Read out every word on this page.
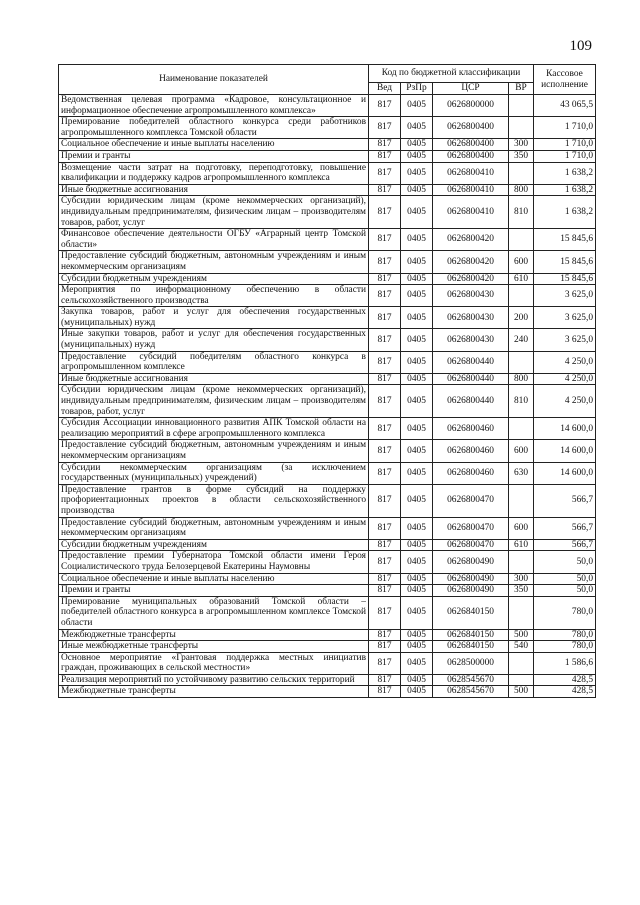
109
Наименование показателей	Код по бюджетной классификации				Кассовое исполнение
	Вед	РзПр	ЦСР	ВР	
Ведомственная целевая программа «Кадровое, консультационное и информационное обеспечение агропромышленного комплекса»	817	0405	0626800000		43 065,5
Премирование победителей областного конкурса среди работников агропромышленного комплекса Томской области	817	0405	0626800400		1 710,0
Социальное обеспечение и иные выплаты населению	817	0405	0626800400	300	1 710,0
Премии и гранты	817	0405	0626800400	350	1 710,0
Возмещение части затрат на подготовку, переподготовку, повышение квалификации и поддержку кадров агропромышленного комплекса	817	0405	0626800410		1 638,2
Иные бюджетные ассигнования	817	0405	0626800410	800	1 638,2
Субсидии юридическим лицам (кроме некоммерческих организаций), индивидуальным предпринимателям, физическим лицам – производителям товаров, работ, услуг	817	0405	0626800410	810	1 638,2
Финансовое обеспечение деятельности ОГБУ «Аграрный центр Томской области»	817	0405	0626800420		15 845,6
Предоставление субсидий бюджетным, автономным учреждениям и иным некоммерческим организациям	817	0405	0626800420	600	15 845,6
Субсидии бюджетным учреждениям	817	0405	0626800420	610	15 845,6
Мероприятия по информационному обеспечению в области сельскохозяйственного производства	817	0405	0626800430		3 625,0
Закупка товаров, работ и услуг для обеспечения государственных (муниципальных) нужд	817	0405	0626800430	200	3 625,0
Иные закупки товаров, работ и услуг для обеспечения государственных (муниципальных) нужд	817	0405	0626800430	240	3 625,0
Предоставление субсидий победителям областного конкурса в агропромышленном комплексе	817	0405	0626800440		4 250,0
Иные бюджетные ассигнования	817	0405	0626800440	800	4 250,0
Субсидии юридическим лицам (кроме некоммерческих организаций), индивидуальным предпринимателям, физическим лицам – производителям товаров, работ, услуг	817	0405	0626800440	810	4 250,0
Субсидия Ассоциации инновационного развития АПК Томской области на реализацию мероприятий в сфере агропромышленного комплекса	817	0405	0626800460		14 600,0
Предоставление субсидий бюджетным, автономным учреждениям и иным некоммерческим организациям	817	0405	0626800460	600	14 600,0
Субсидии некоммерческим организациям (за исключением государственных (муниципальных) учреждений)	817	0405	0626800460	630	14 600,0
Предоставление грантов в форме субсидий на поддержку профориентационных проектов в области сельскохозяйственного производства	817	0405	0626800470		566,7
Предоставление субсидий бюджетным, автономным учреждениям и иным некоммерческим организациям	817	0405	0626800470	600	566,7
Субсидии бюджетным учреждениям	817	0405	0626800470	610	566,7
Предоставление премии Губернатора Томской области имени Героя Социалистического труда Белозерцевой Екатерины Наумовны	817	0405	0626800490		50,0
Социальное обеспечение и иные выплаты населению	817	0405	0626800490	300	50,0
Премии и гранты	817	0405	0626800490	350	50,0
Премирование муниципальных образований Томской области – победителей областного конкурса в агропромышленном комплексе Томской области	817	0405	0626840150		780,0
Межбюджетные трансферты	817	0405	0626840150	500	780,0
Иные межбюджетные трансферты	817	0405	0626840150	540	780,0
Основное мероприятие «Грантовая поддержка местных инициатив граждан, проживающих в сельской местности»	817	0405	0628500000		1 586,6
Реализация мероприятий по устойчивому развитию сельских территорий	817	0405	0628545670		428,5
Межбюджетные трансферты	817	0405	0628545670	500	428,5
